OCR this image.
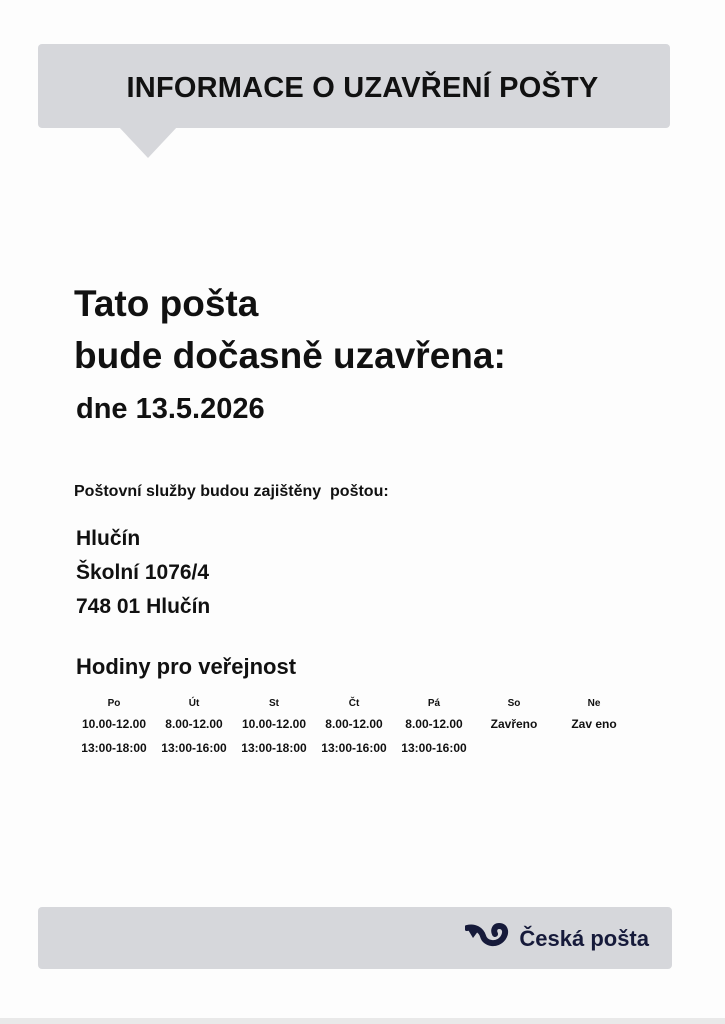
INFORMACE O UZAVŘENÍ POŠTY
Tato pošta
bude dočasně uzavřena:
dne 13.5.2026
Poštovní služby budou zajištěny  poštou:
Hlučín
Školní 1076/4
748 01 Hlučín
Hodiny pro veřejnost
Po	Út	St	Čt	Pá	So	Ne
10.00-12.00	8.00-12.00	10.00-12.00	8.00-12.00	8.00-12.00	Zavřeno	Zav eno
13:00-18:00	13:00-16:00	13:00-18:00	13:00-16:00	13:00-16:00
Česká pošta
